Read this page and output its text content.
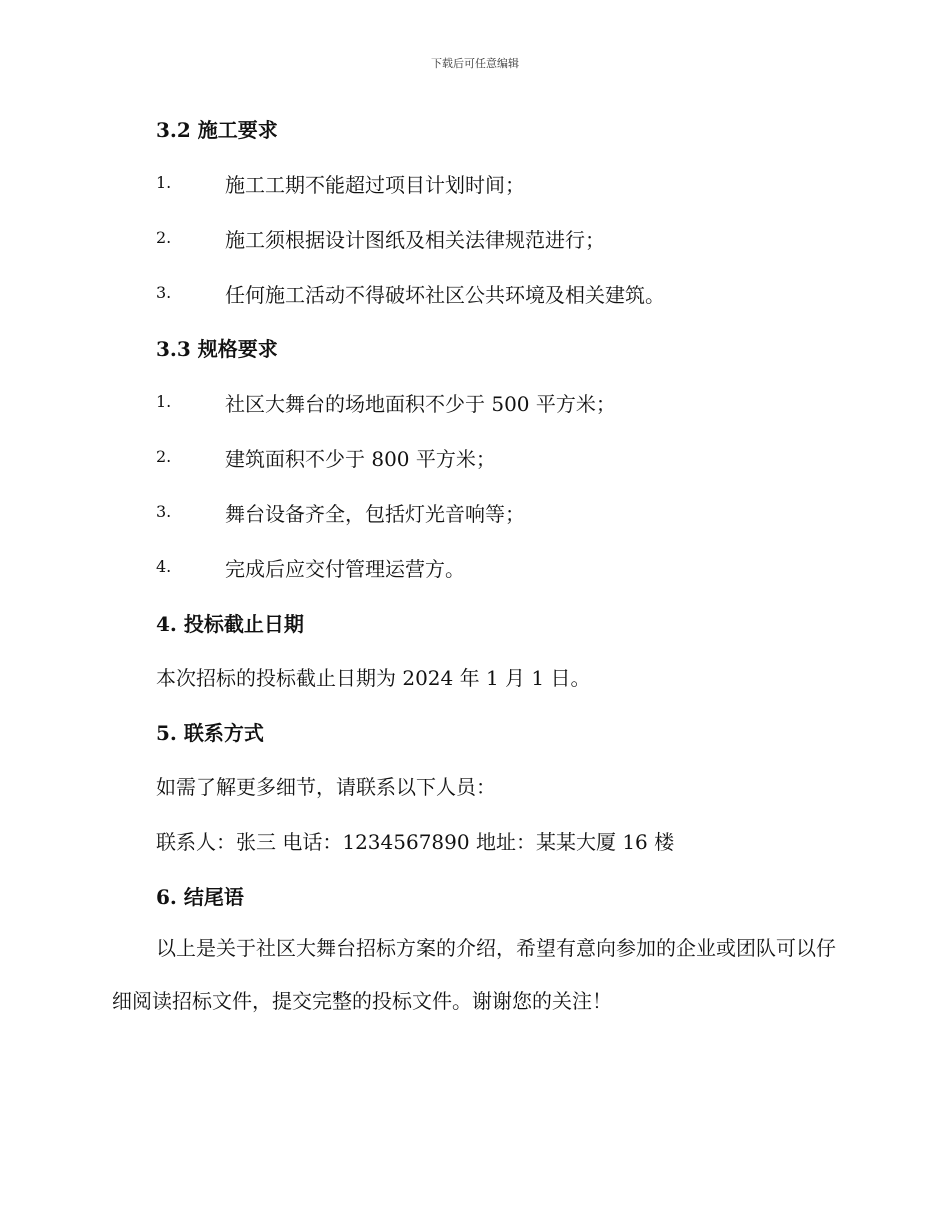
下载后可任意编辑
3.2 施工要求
1.	施工工期不能超过项目计划时间；
2.	施工须根据设计图纸及相关法律规范进行；
3.	任何施工活动不得破坏社区公共环境及相关建筑。
3.3 规格要求
1.	社区大舞台的场地面积不少于 500 平方米；
2.	建筑面积不少于 800 平方米；
3.	舞台设备齐全，包括灯光音响等；
4.	完成后应交付管理运营方。
4. 投标截止日期
本次招标的投标截止日期为 2024 年 1 月 1 日。
5. 联系方式
如需了解更多细节，请联系以下人员：
联系人：张三 电话：1234567890 地址：某某大厦 16 楼
6. 结尾语
以上是关于社区大舞台招标方案的介绍，希望有意向参加的企业或团队可以仔细阅读招标文件，提交完整的投标文件。谢谢您的关注！
